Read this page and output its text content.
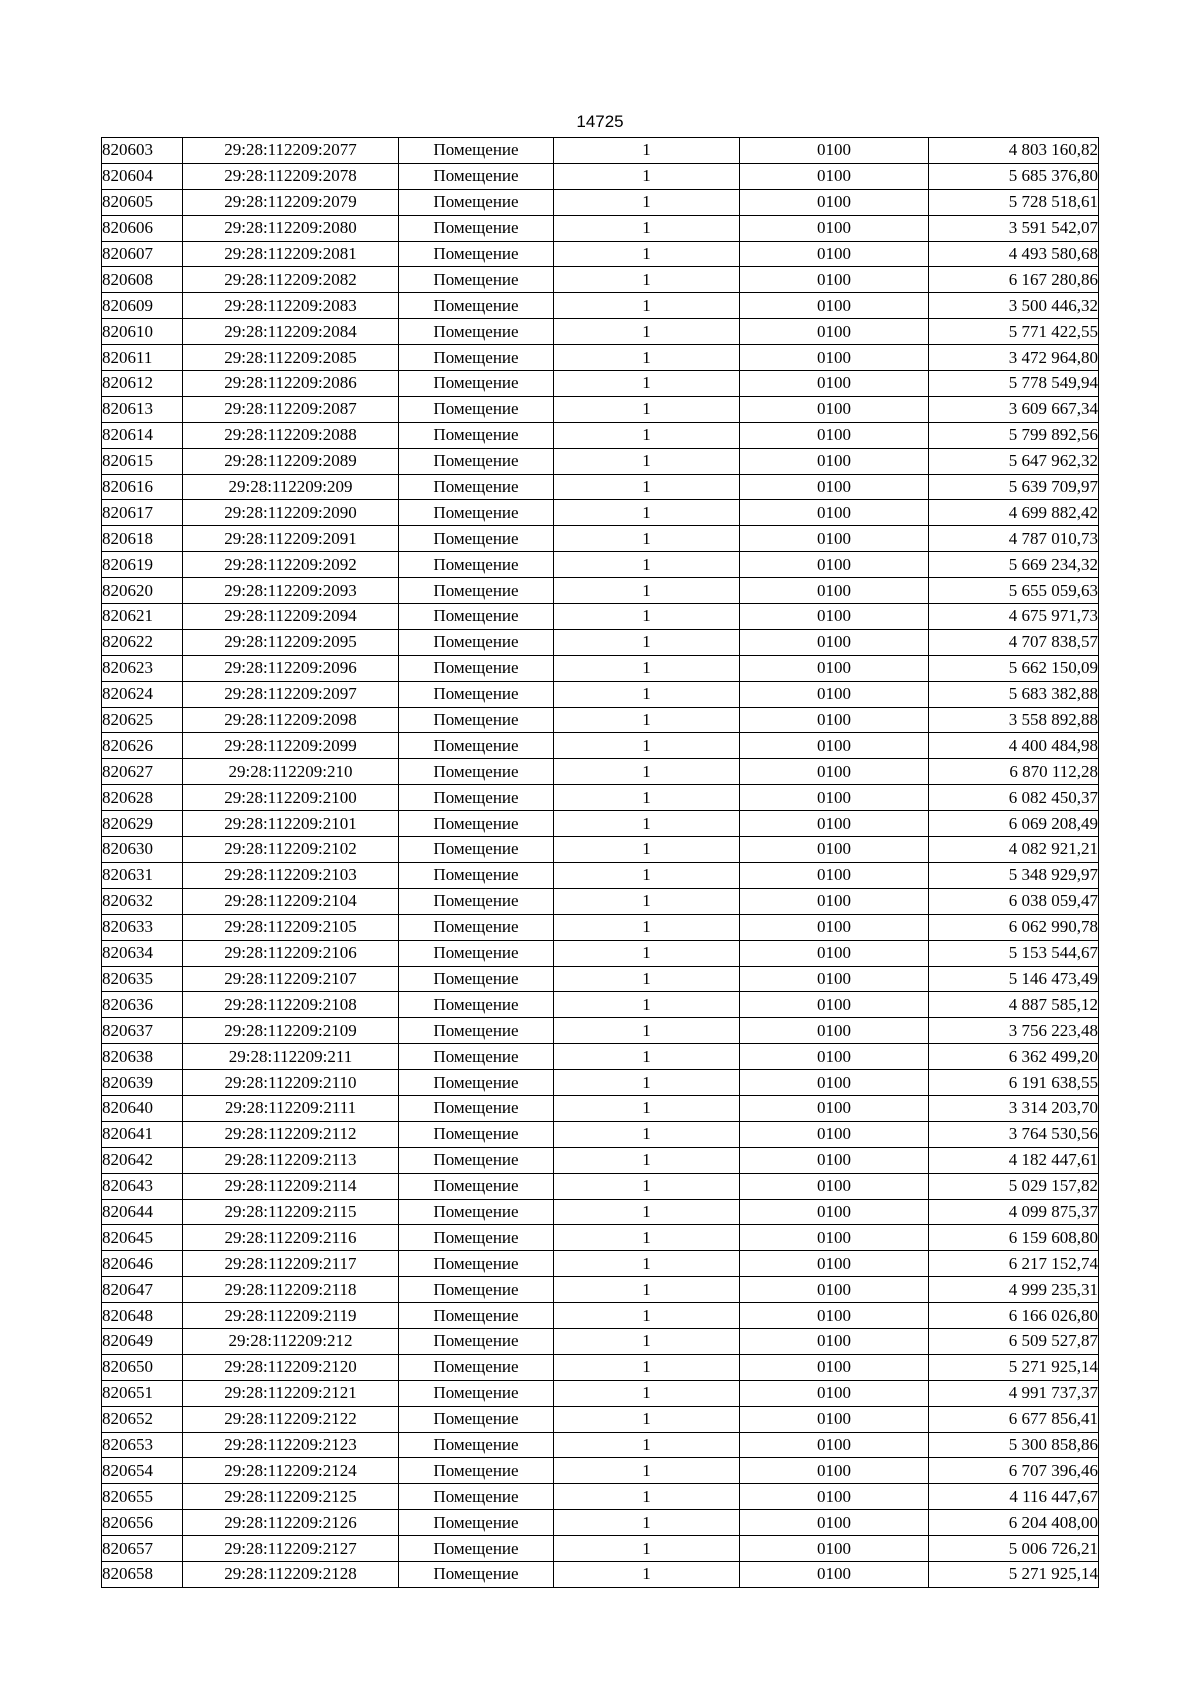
14725
820603	29:28:112209:2077	Помещение	1	0100	4 803 160,82
820604	29:28:112209:2078	Помещение	1	0100	5 685 376,80
820605	29:28:112209:2079	Помещение	1	0100	5 728 518,61
820606	29:28:112209:2080	Помещение	1	0100	3 591 542,07
820607	29:28:112209:2081	Помещение	1	0100	4 493 580,68
820608	29:28:112209:2082	Помещение	1	0100	6 167 280,86
820609	29:28:112209:2083	Помещение	1	0100	3 500 446,32
820610	29:28:112209:2084	Помещение	1	0100	5 771 422,55
820611	29:28:112209:2085	Помещение	1	0100	3 472 964,80
820612	29:28:112209:2086	Помещение	1	0100	5 778 549,94
820613	29:28:112209:2087	Помещение	1	0100	3 609 667,34
820614	29:28:112209:2088	Помещение	1	0100	5 799 892,56
820615	29:28:112209:2089	Помещение	1	0100	5 647 962,32
820616	29:28:112209:209	Помещение	1	0100	5 639 709,97
820617	29:28:112209:2090	Помещение	1	0100	4 699 882,42
820618	29:28:112209:2091	Помещение	1	0100	4 787 010,73
820619	29:28:112209:2092	Помещение	1	0100	5 669 234,32
820620	29:28:112209:2093	Помещение	1	0100	5 655 059,63
820621	29:28:112209:2094	Помещение	1	0100	4 675 971,73
820622	29:28:112209:2095	Помещение	1	0100	4 707 838,57
820623	29:28:112209:2096	Помещение	1	0100	5 662 150,09
820624	29:28:112209:2097	Помещение	1	0100	5 683 382,88
820625	29:28:112209:2098	Помещение	1	0100	3 558 892,88
820626	29:28:112209:2099	Помещение	1	0100	4 400 484,98
820627	29:28:112209:210	Помещение	1	0100	6 870 112,28
820628	29:28:112209:2100	Помещение	1	0100	6 082 450,37
820629	29:28:112209:2101	Помещение	1	0100	6 069 208,49
820630	29:28:112209:2102	Помещение	1	0100	4 082 921,21
820631	29:28:112209:2103	Помещение	1	0100	5 348 929,97
820632	29:28:112209:2104	Помещение	1	0100	6 038 059,47
820633	29:28:112209:2105	Помещение	1	0100	6 062 990,78
820634	29:28:112209:2106	Помещение	1	0100	5 153 544,67
820635	29:28:112209:2107	Помещение	1	0100	5 146 473,49
820636	29:28:112209:2108	Помещение	1	0100	4 887 585,12
820637	29:28:112209:2109	Помещение	1	0100	3 756 223,48
820638	29:28:112209:211	Помещение	1	0100	6 362 499,20
820639	29:28:112209:2110	Помещение	1	0100	6 191 638,55
820640	29:28:112209:2111	Помещение	1	0100	3 314 203,70
820641	29:28:112209:2112	Помещение	1	0100	3 764 530,56
820642	29:28:112209:2113	Помещение	1	0100	4 182 447,61
820643	29:28:112209:2114	Помещение	1	0100	5 029 157,82
820644	29:28:112209:2115	Помещение	1	0100	4 099 875,37
820645	29:28:112209:2116	Помещение	1	0100	6 159 608,80
820646	29:28:112209:2117	Помещение	1	0100	6 217 152,74
820647	29:28:112209:2118	Помещение	1	0100	4 999 235,31
820648	29:28:112209:2119	Помещение	1	0100	6 166 026,80
820649	29:28:112209:212	Помещение	1	0100	6 509 527,87
820650	29:28:112209:2120	Помещение	1	0100	5 271 925,14
820651	29:28:112209:2121	Помещение	1	0100	4 991 737,37
820652	29:28:112209:2122	Помещение	1	0100	6 677 856,41
820653	29:28:112209:2123	Помещение	1	0100	5 300 858,86
820654	29:28:112209:2124	Помещение	1	0100	6 707 396,46
820655	29:28:112209:2125	Помещение	1	0100	4 116 447,67
820656	29:28:112209:2126	Помещение	1	0100	6 204 408,00
820657	29:28:112209:2127	Помещение	1	0100	5 006 726,21
820658	29:28:112209:2128	Помещение	1	0100	5 271 925,14
